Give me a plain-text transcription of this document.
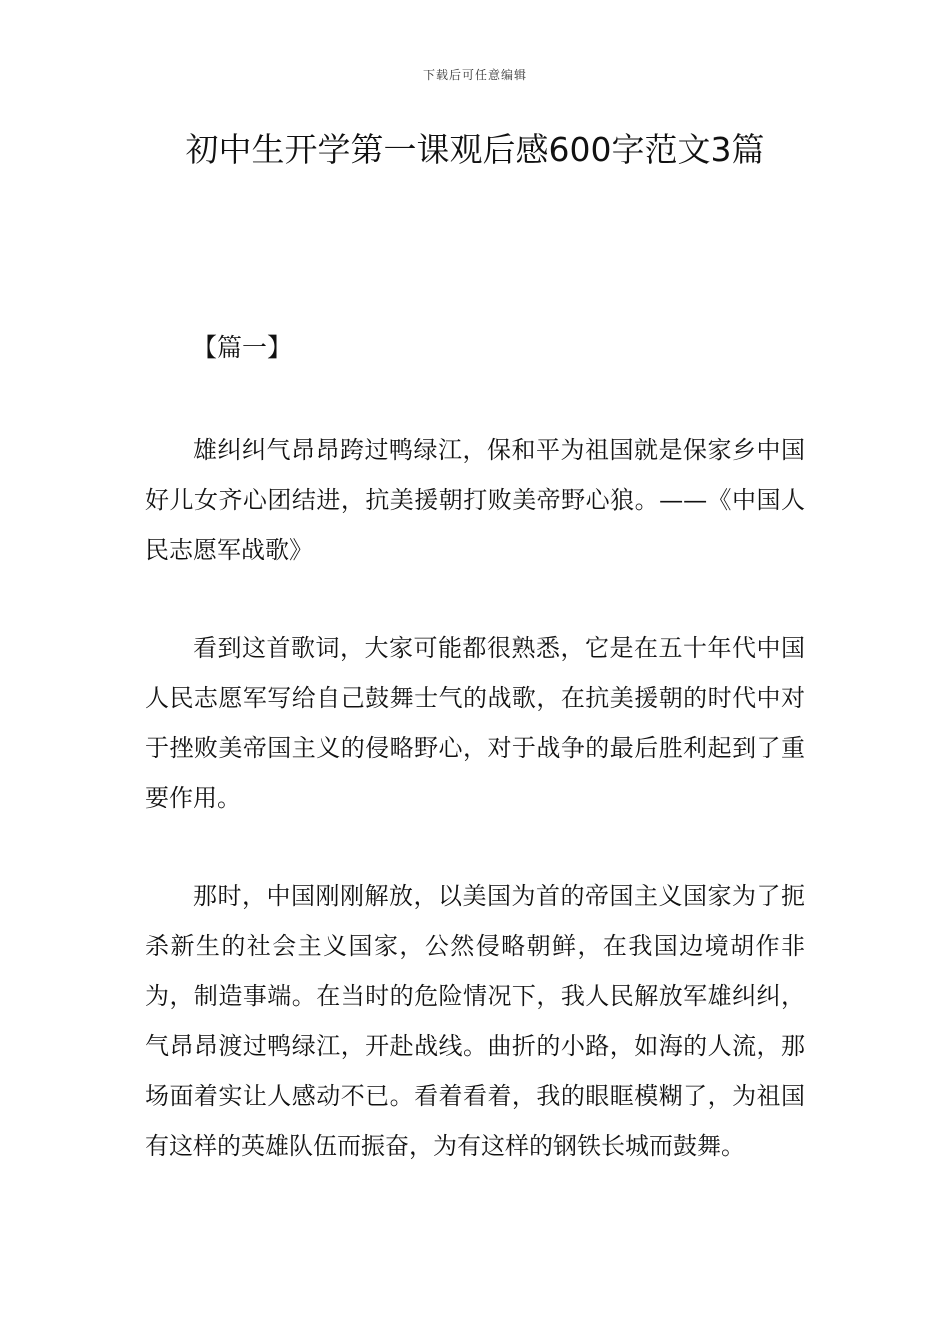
下载后可任意编辑
初中生开学第一课观后感600字范文3篇

【篇一】

雄纠纠气昂昂跨过鸭绿江，保和平为祖国就是保家乡中国好儿女齐心团结进，抗美援朝打败美帝野心狼。——《中国人民志愿军战歌》

看到这首歌词，大家可能都很熟悉，它是在五十年代中国人民志愿军写给自己鼓舞士气的战歌，在抗美援朝的时代中对于挫败美帝国主义的侵略野心，对于战争的最后胜利起到了重要作用。

那时，中国刚刚解放，以美国为首的帝国主义国家为了扼杀新生的社会主义国家，公然侵略朝鲜，在我国边境胡作非为，制造事端。在当时的危险情况下，我人民解放军雄纠纠，气昂昂渡过鸭绿江，开赴战线。曲折的小路，如海的人流，那场面着实让人感动不已。看着看着，我的眼眶模糊了，为祖国有这样的英雄队伍而振奋，为有这样的钢铁长城而鼓舞。
